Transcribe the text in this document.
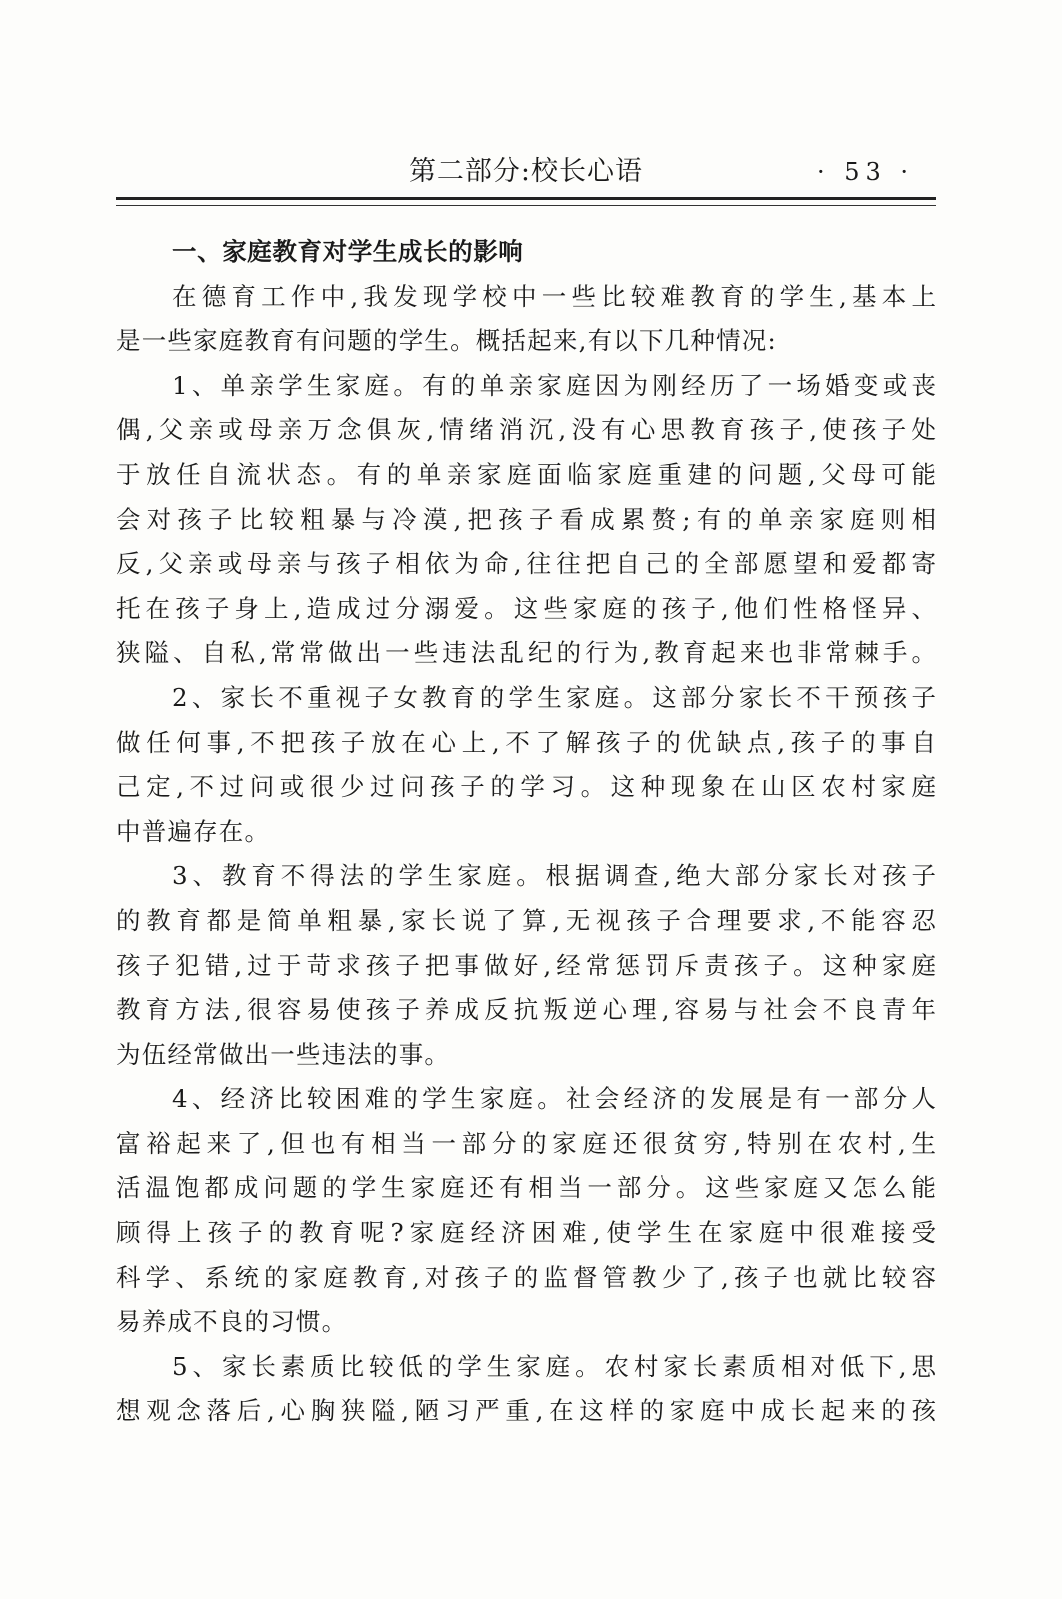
第二部分:校长心语	· 53 ·
一、家庭教育对学生成长的影响
在德育工作中,我发现学校中一些比较难教育的学生,基本上
是一些家庭教育有问题的学生。概括起来,有以下几种情况:
1、单亲学生家庭。有的单亲家庭因为刚经历了一场婚变或丧
偶,父亲或母亲万念俱灰,情绪消沉,没有心思教育孩子,使孩子处
于放任自流状态。有的单亲家庭面临家庭重建的问题,父母可能
会对孩子比较粗暴与冷漠,把孩子看成累赘;有的单亲家庭则相
反,父亲或母亲与孩子相依为命,往往把自己的全部愿望和爱都寄
托在孩子身上,造成过分溺爱。这些家庭的孩子,他们性格怪异、
狭隘、自私,常常做出一些违法乱纪的行为,教育起来也非常棘手。
2、家长不重视子女教育的学生家庭。这部分家长不干预孩子
做任何事,不把孩子放在心上,不了解孩子的优缺点,孩子的事自
己定,不过问或很少过问孩子的学习。这种现象在山区农村家庭
中普遍存在。
3、教育不得法的学生家庭。根据调查,绝大部分家长对孩子
的教育都是简单粗暴,家长说了算,无视孩子合理要求,不能容忍
孩子犯错,过于苛求孩子把事做好,经常惩罚斥责孩子。这种家庭
教育方法,很容易使孩子养成反抗叛逆心理,容易与社会不良青年
为伍经常做出一些违法的事。
4、经济比较困难的学生家庭。社会经济的发展是有一部分人
富裕起来了,但也有相当一部分的家庭还很贫穷,特别在农村,生
活温饱都成问题的学生家庭还有相当一部分。这些家庭又怎么能
顾得上孩子的教育呢?家庭经济困难,使学生在家庭中很难接受
科学、系统的家庭教育,对孩子的监督管教少了,孩子也就比较容
易养成不良的习惯。
5、家长素质比较低的学生家庭。农村家长素质相对低下,思
想观念落后,心胸狭隘,陋习严重,在这样的家庭中成长起来的孩
